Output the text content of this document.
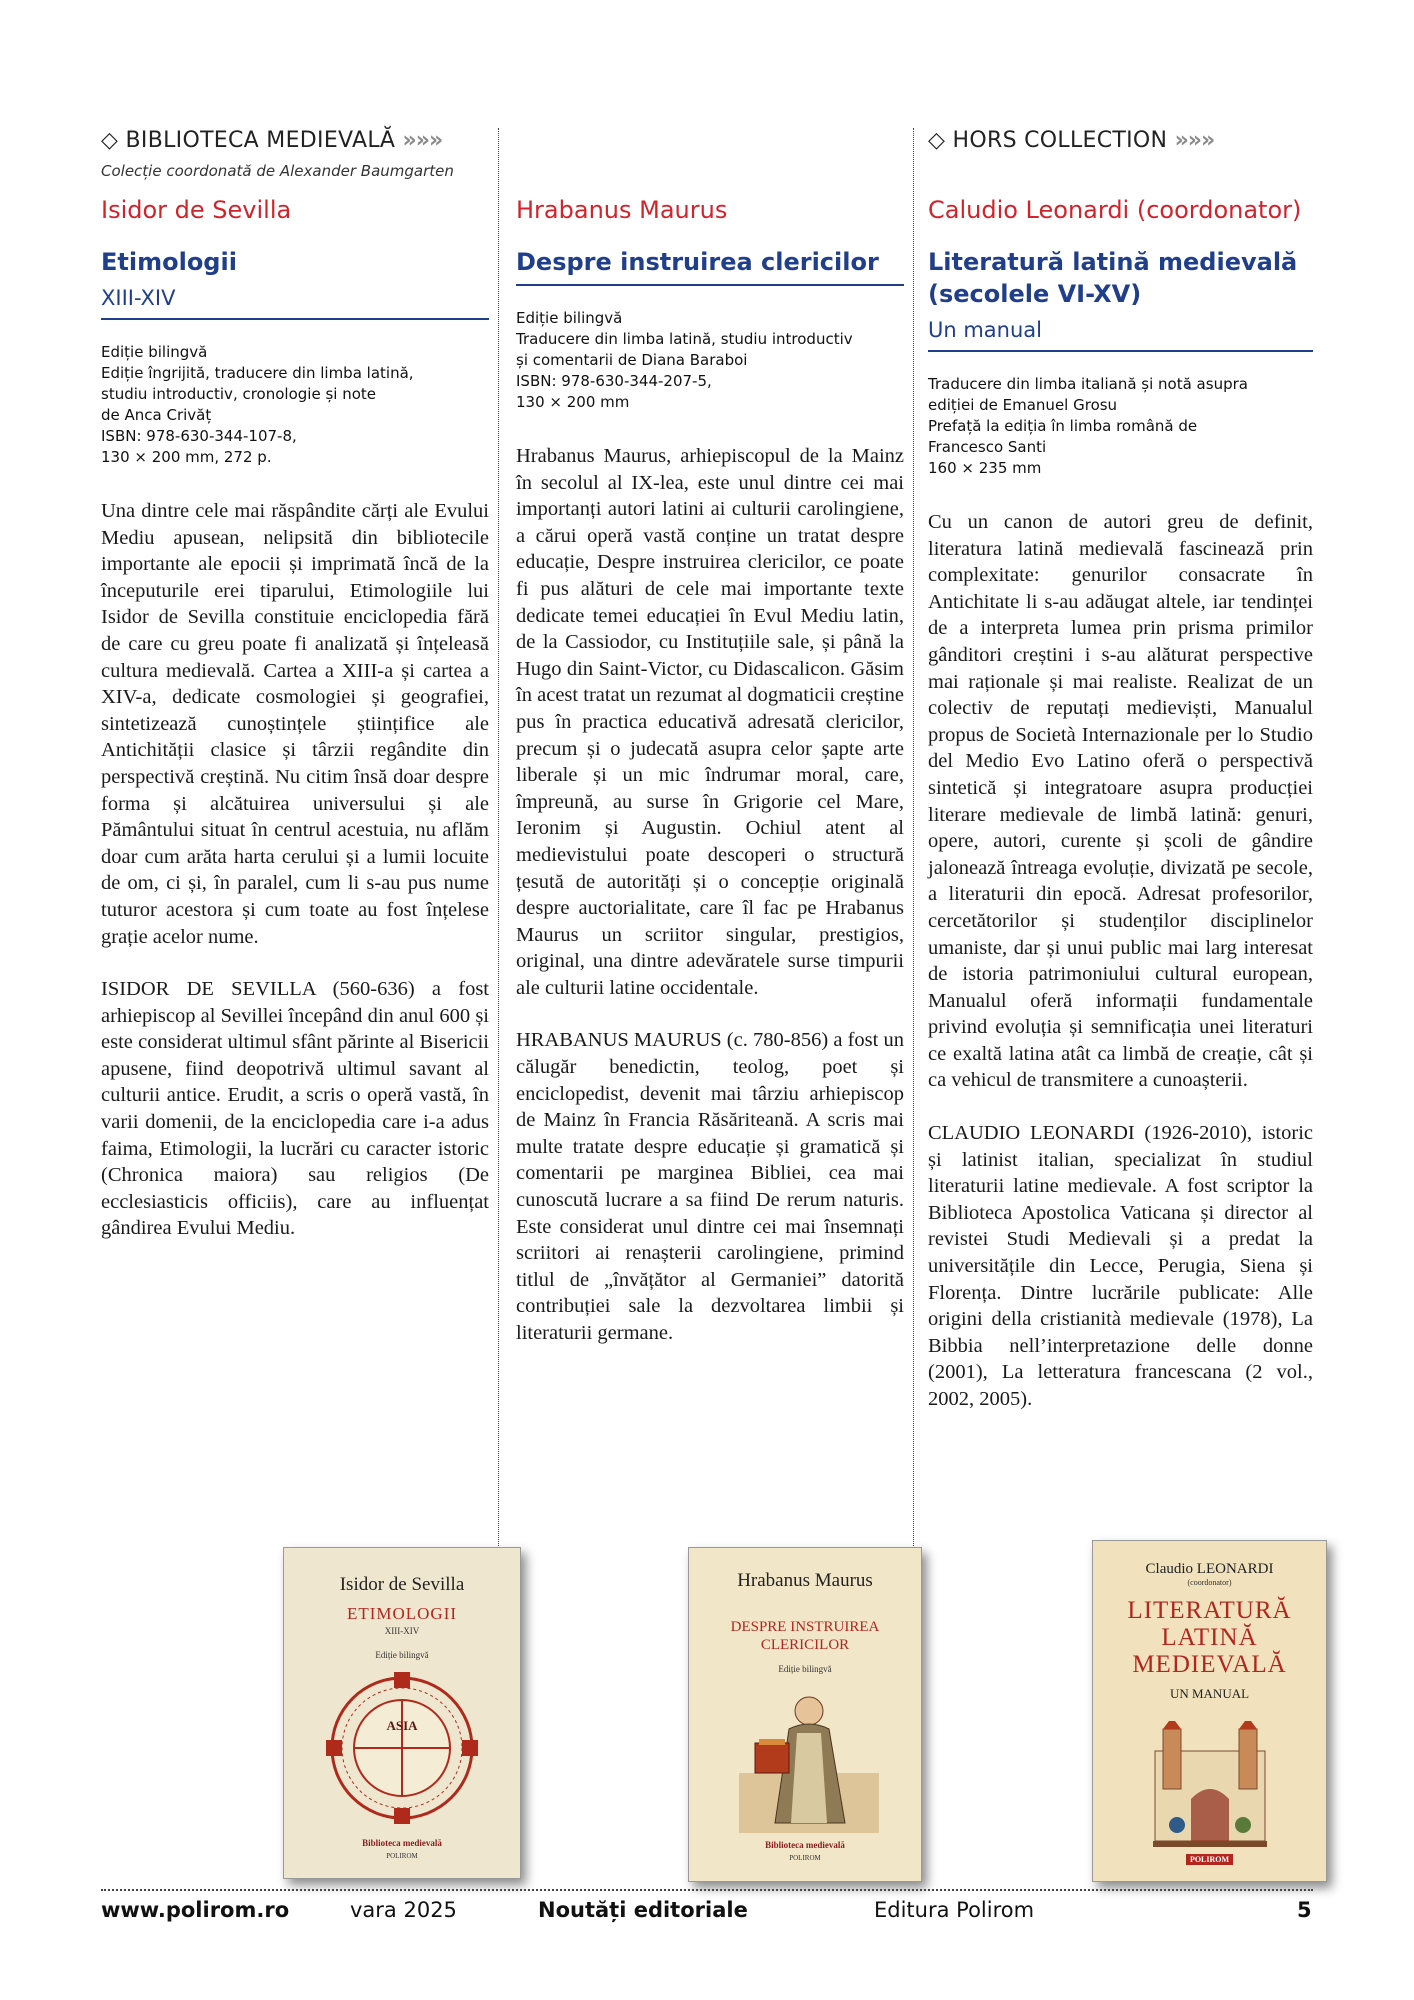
◇ BIBLIOTECA MEDIEVALĂ »»»
Colecție coordonată de Alexander Baumgarten
Isidor de Sevilla
Etimologii
XIII-XIV
Ediție bilingvă
Ediție îngrijită, traducere din limba latină,
studiu introductiv, cronologie și note
de Anca Crivăț
ISBN: 978-630-344-107-8,
130 × 200 mm, 272 p.

Una dintre cele mai răspândite cărți ale Evului Mediu apusean, nelipsită din bibliotecile importante ale epocii și imprimată încă de la începuturile erei tiparului, Etimologiile lui Isidor de Sevilla constituie enciclopedia fără de care cu greu poate fi analizată și înțeleasă cultura medievală. Cartea a XIII-a și cartea a XIV-a, dedicate cosmologiei și geografiei, sintetizează cunoștințele științifice ale Antichității clasice și târzii regândite din perspectivă creștină. Nu citim însă doar despre forma și alcătuirea universului și ale Pământului situat în centrul acestuia, nu aflăm doar cum arăta harta cerului și a lumii locuite de om, ci și, în paralel, cum li s-au pus nume tuturor acestora și cum toate au fost înțelese grație acelor nume.

ISIDOR DE SEVILLA (560-636) a fost arhiepiscop al Sevillei începând din anul 600 și este considerat ultimul sfânt părinte al Bisericii apusene, fiind deopotrivă ultimul savant al culturii antice. Erudit, a scris o operă vastă, în varii domenii, de la enciclopedia care i-a adus faima, Etimologii, la lucrări cu caracter istoric (Chronica maiora) sau religios (De ecclesiasticis officiis), care au influențat gândirea Evului Mediu.

Hrabanus Maurus
Despre instruirea clericilor
Ediție bilingvă
Traducere din limba latină, studiu introductiv
și comentarii de Diana Baraboi
ISBN: 978-630-344-207-5,
130 × 200 mm

Hrabanus Maurus, arhiepiscopul de la Mainz în secolul al IX-lea, este unul dintre cei mai importanți autori latini ai culturii carolingiene, a cărui operă vastă conține un tratat despre educație, Despre instruirea clericilor, ce poate fi pus alături de cele mai importante texte dedicate temei educației în Evul Mediu latin, de la Cassiodor, cu Instituțiile sale, și până la Hugo din Saint-Victor, cu Didascalicon. Găsim în acest tratat un rezumat al dogmaticii creștine pus în practica educativă adresată clericilor, precum și o judecată asupra celor șapte arte liberale și un mic îndrumar moral, care, împreună, au surse în Grigorie cel Mare, Ieronim și Augustin. Ochiul atent al medievistului poate descoperi o structură țesută de autorități și o concepție originală despre auctorialitate, care îl fac pe Hrabanus Maurus un scriitor singular, prestigios, original, una dintre adevăratele surse timpurii ale culturii latine occidentale.

HRABANUS MAURUS (c. 780-856) a fost un călugăr benedictin, teolog, poet și enciclopedist, devenit mai târziu arhiepiscop de Mainz în Francia Răsăriteană. A scris mai multe tratate despre educație și gramatică și comentarii pe marginea Bibliei, cea mai cunoscută lucrare a sa fiind De rerum naturis. Este considerat unul dintre cei mai însemnați scriitori ai renașterii carolingiene, primind titlul de „învățător al Germaniei” datorită contribuției sale la dezvoltarea limbii și literaturii germane.

◇ HORS COLLECTION »»»
Caludio Leonardi (coordonator)
Literatură latină medievală (secolele VI-XV)
Un manual
Traducere din limba italiană și notă asupra
ediției de Emanuel Grosu
Prefață la ediția în limba română de
Francesco Santi
160 × 235 mm

Cu un canon de autori greu de definit, literatura latină medievală fascinează prin complexitate: genurilor consacrate în Antichitate li s-au adăugat altele, iar tendinței de a interpreta lumea prin prisma primilor gânditori creștini i s-au alăturat perspective mai raționale și mai realiste. Realizat de un colectiv de reputați medieviști, Manualul propus de Società Internazionale per lo Studio del Medio Evo Latino oferă o perspectivă sintetică și integratoare asupra producției literare medievale de limbă latină: genuri, opere, autori, curente și școli de gândire jalonează întreaga evoluție, divizată pe secole, a literaturii din epocă. Adresat profesorilor, cercetătorilor și studenților disciplinelor umaniste, dar și unui public mai larg interesat de istoria patrimoniului cultural european, Manualul oferă informații fundamentale privind evoluția și semnificația unei literaturi ce exaltă latina atât ca limbă de creație, cât și ca vehicul de transmitere a cunoașterii.

CLAUDIO LEONARDI (1926-2010), istoric și latinist italian, specializat în studiul literaturii latine medievale. A fost scriptor la Biblioteca Apostolica Vaticana și director al revistei Studi Medievali și a predat la universitățile din Lecce, Perugia, Siena și Florența. Dintre lucrările publicate: Alle origini della cristianità medievale (1978), La Bibbia nell’interpretazione delle donne (2001), La letteratura francescana (2 vol., 2002, 2005).

Isidor de Sevilla
ETIMOLOGII
XIII-XIV
Ediție bilingvă
ASIA
Biblioteca medievală
POLIROM
Hrabanus Maurus
DESPRE INSTRUIREA CLERICILOR
Ediție bilingvă
Biblioteca medievală
POLIROM
Claudio LEONARDI
(coordonator)
LITERATURĂ LATINĂ MEDIEVALĂ
UN MANUAL
POLIROM
www.polirom.ro	vara 2025	Noutăți editoriale	Editura Polirom	5
